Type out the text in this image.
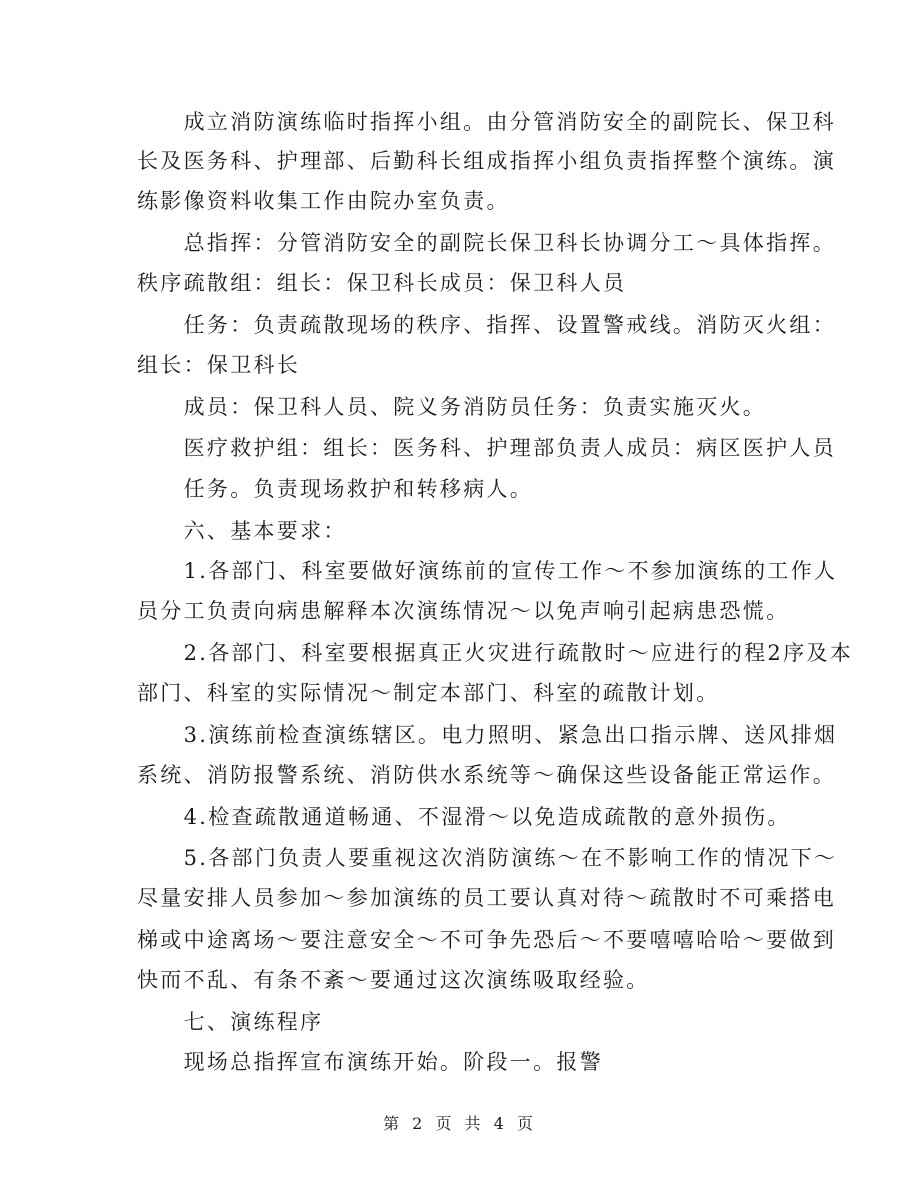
　　成立消防演练临时指挥小组。由分管消防安全的副院长、保卫科
长及医务科、护理部、后勤科长组成指挥小组负责指挥整个演练。演
练影像资料收集工作由院办室负责。
　　总指挥：分管消防安全的副院长保卫科长协调分工～具体指挥。
秩序疏散组：组长：保卫科长成员：保卫科人员
　　任务：负责疏散现场的秩序、指挥、设置警戒线。消防灭火组：
组长：保卫科长
　　成员：保卫科人员、院义务消防员任务：负责实施灭火。
　　医疗救护组：组长：医务科、护理部负责人成员：病区医护人员
　　任务。负责现场救护和转移病人。
　　六、基本要求：
　　1.各部门、科室要做好演练前的宣传工作～不参加演练的工作人
员分工负责向病患解释本次演练情况～以免声响引起病患恐慌。
　　2.各部门、科室要根据真正火灾进行疏散时～应进行的程2序及本
部门、科室的实际情况～制定本部门、科室的疏散计划。
　　3.演练前检查演练辖区。电力照明、紧急出口指示牌、送风排烟
系统、消防报警系统、消防供水系统等～确保这些设备能正常运作。
　　4.检查疏散通道畅通、不湿滑～以免造成疏散的意外损伤。
　　5.各部门负责人要重视这次消防演练～在不影响工作的情况下～
尽量安排人员参加～参加演练的员工要认真对待～疏散时不可乘搭电
梯或中途离场～要注意安全～不可争先恐后～不要嘻嘻哈哈～要做到
快而不乱、有条不紊～要通过这次演练吸取经验。
　　七、演练程序
　　现场总指挥宣布演练开始。阶段一。报警
第 2 页 共 4 页
